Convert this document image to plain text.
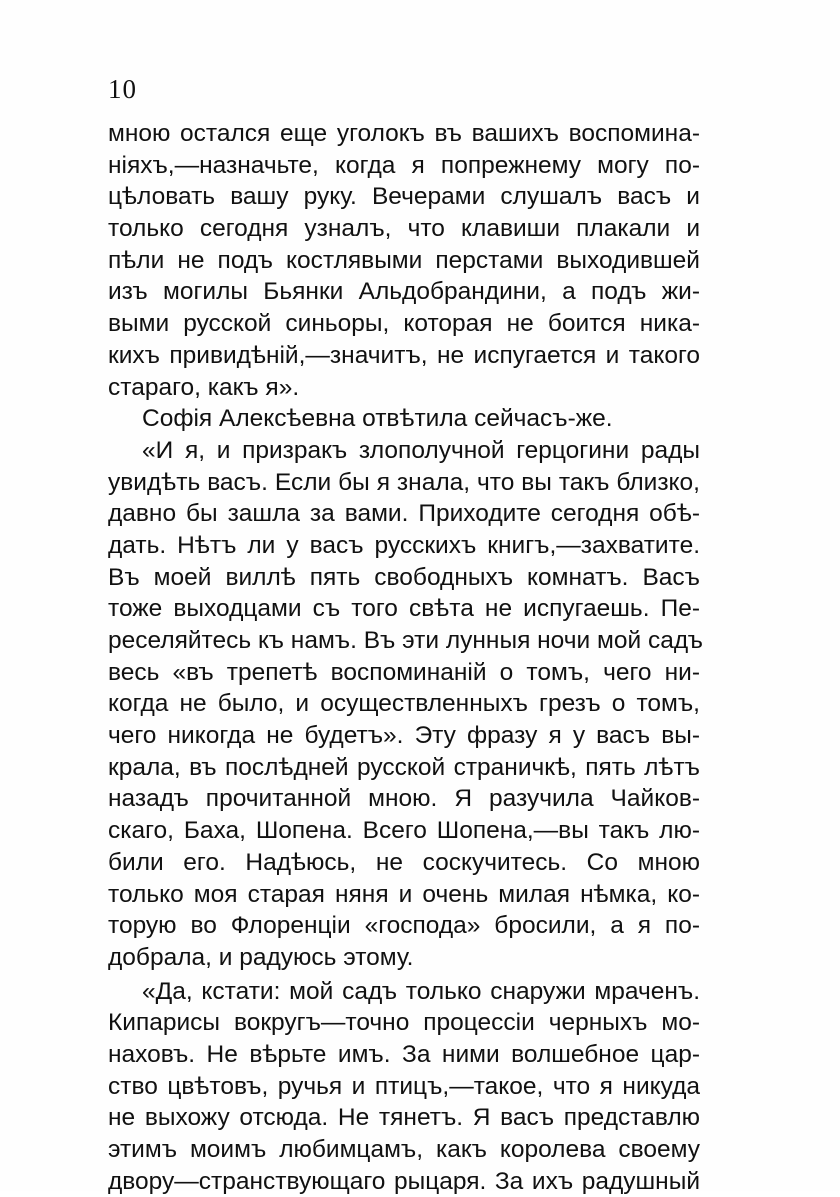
10
мною остался еще уголокъ въ вашихъ воспомина-
ніяхъ,—назначьте, когда я попрежнему могу по-
цѣловать вашу руку. Вечерами слушалъ васъ и
только сегодня узналъ, что клавиши плакали и
пѣли не подъ костлявыми перстами выходившей
изъ могилы Бьянки Альдобрандини, а подъ жи-
выми русской синьоры, которая не боится ника-
кихъ привидѣній,—значитъ, не испугается и такого
стараго, какъ я».
Софія Алексѣевна отвѣтила сейчасъ-же.
«И я, и призракъ злополучной герцогини рады
увидѣть васъ. Если бы я знала, что вы такъ близко,
давно бы зашла за вами. Приходите сегодня обѣ-
дать. Нѣтъ ли у васъ русскихъ книгъ,—захватите.
Въ моей виллѣ пять свободныхъ комнатъ. Васъ
тоже выходцами съ того свѣта не испугаешь. Пе-
реселяйтесь къ намъ. Въ эти лунныя ночи мой садъ
весь «въ трепетѣ воспоминаній о томъ, чего ни-
когда не было, и осуществленныхъ грезъ о томъ,
чего никогда не будетъ». Эту фразу я у васъ вы-
крала, въ послѣдней русской страничкѣ, пять лѣтъ
назадъ прочитанной мною. Я разучила Чайков-
скаго, Баха, Шопена. Всего Шопена,—вы такъ лю-
били его. Надѣюсь, не соскучитесь. Со мною
только моя старая няня и очень милая нѣмка, ко-
торую во Флоренціи «господа» бросили, а я по-
добрала, и радуюсь этому.
«Да, кстати: мой садъ только снаружи мраченъ.
Кипарисы вокругъ—точно процессіи черныхъ мо-
наховъ. Не вѣрьте имъ. За ними волшебное цар-
ство цвѣтовъ, ручья и птицъ,—такое, что я никуда
не выхожу отсюда. Не тянетъ. Я васъ представлю
этимъ моимъ любимцамъ, какъ королева своему
двору—странствующаго рыцаря. За ихъ радушный
